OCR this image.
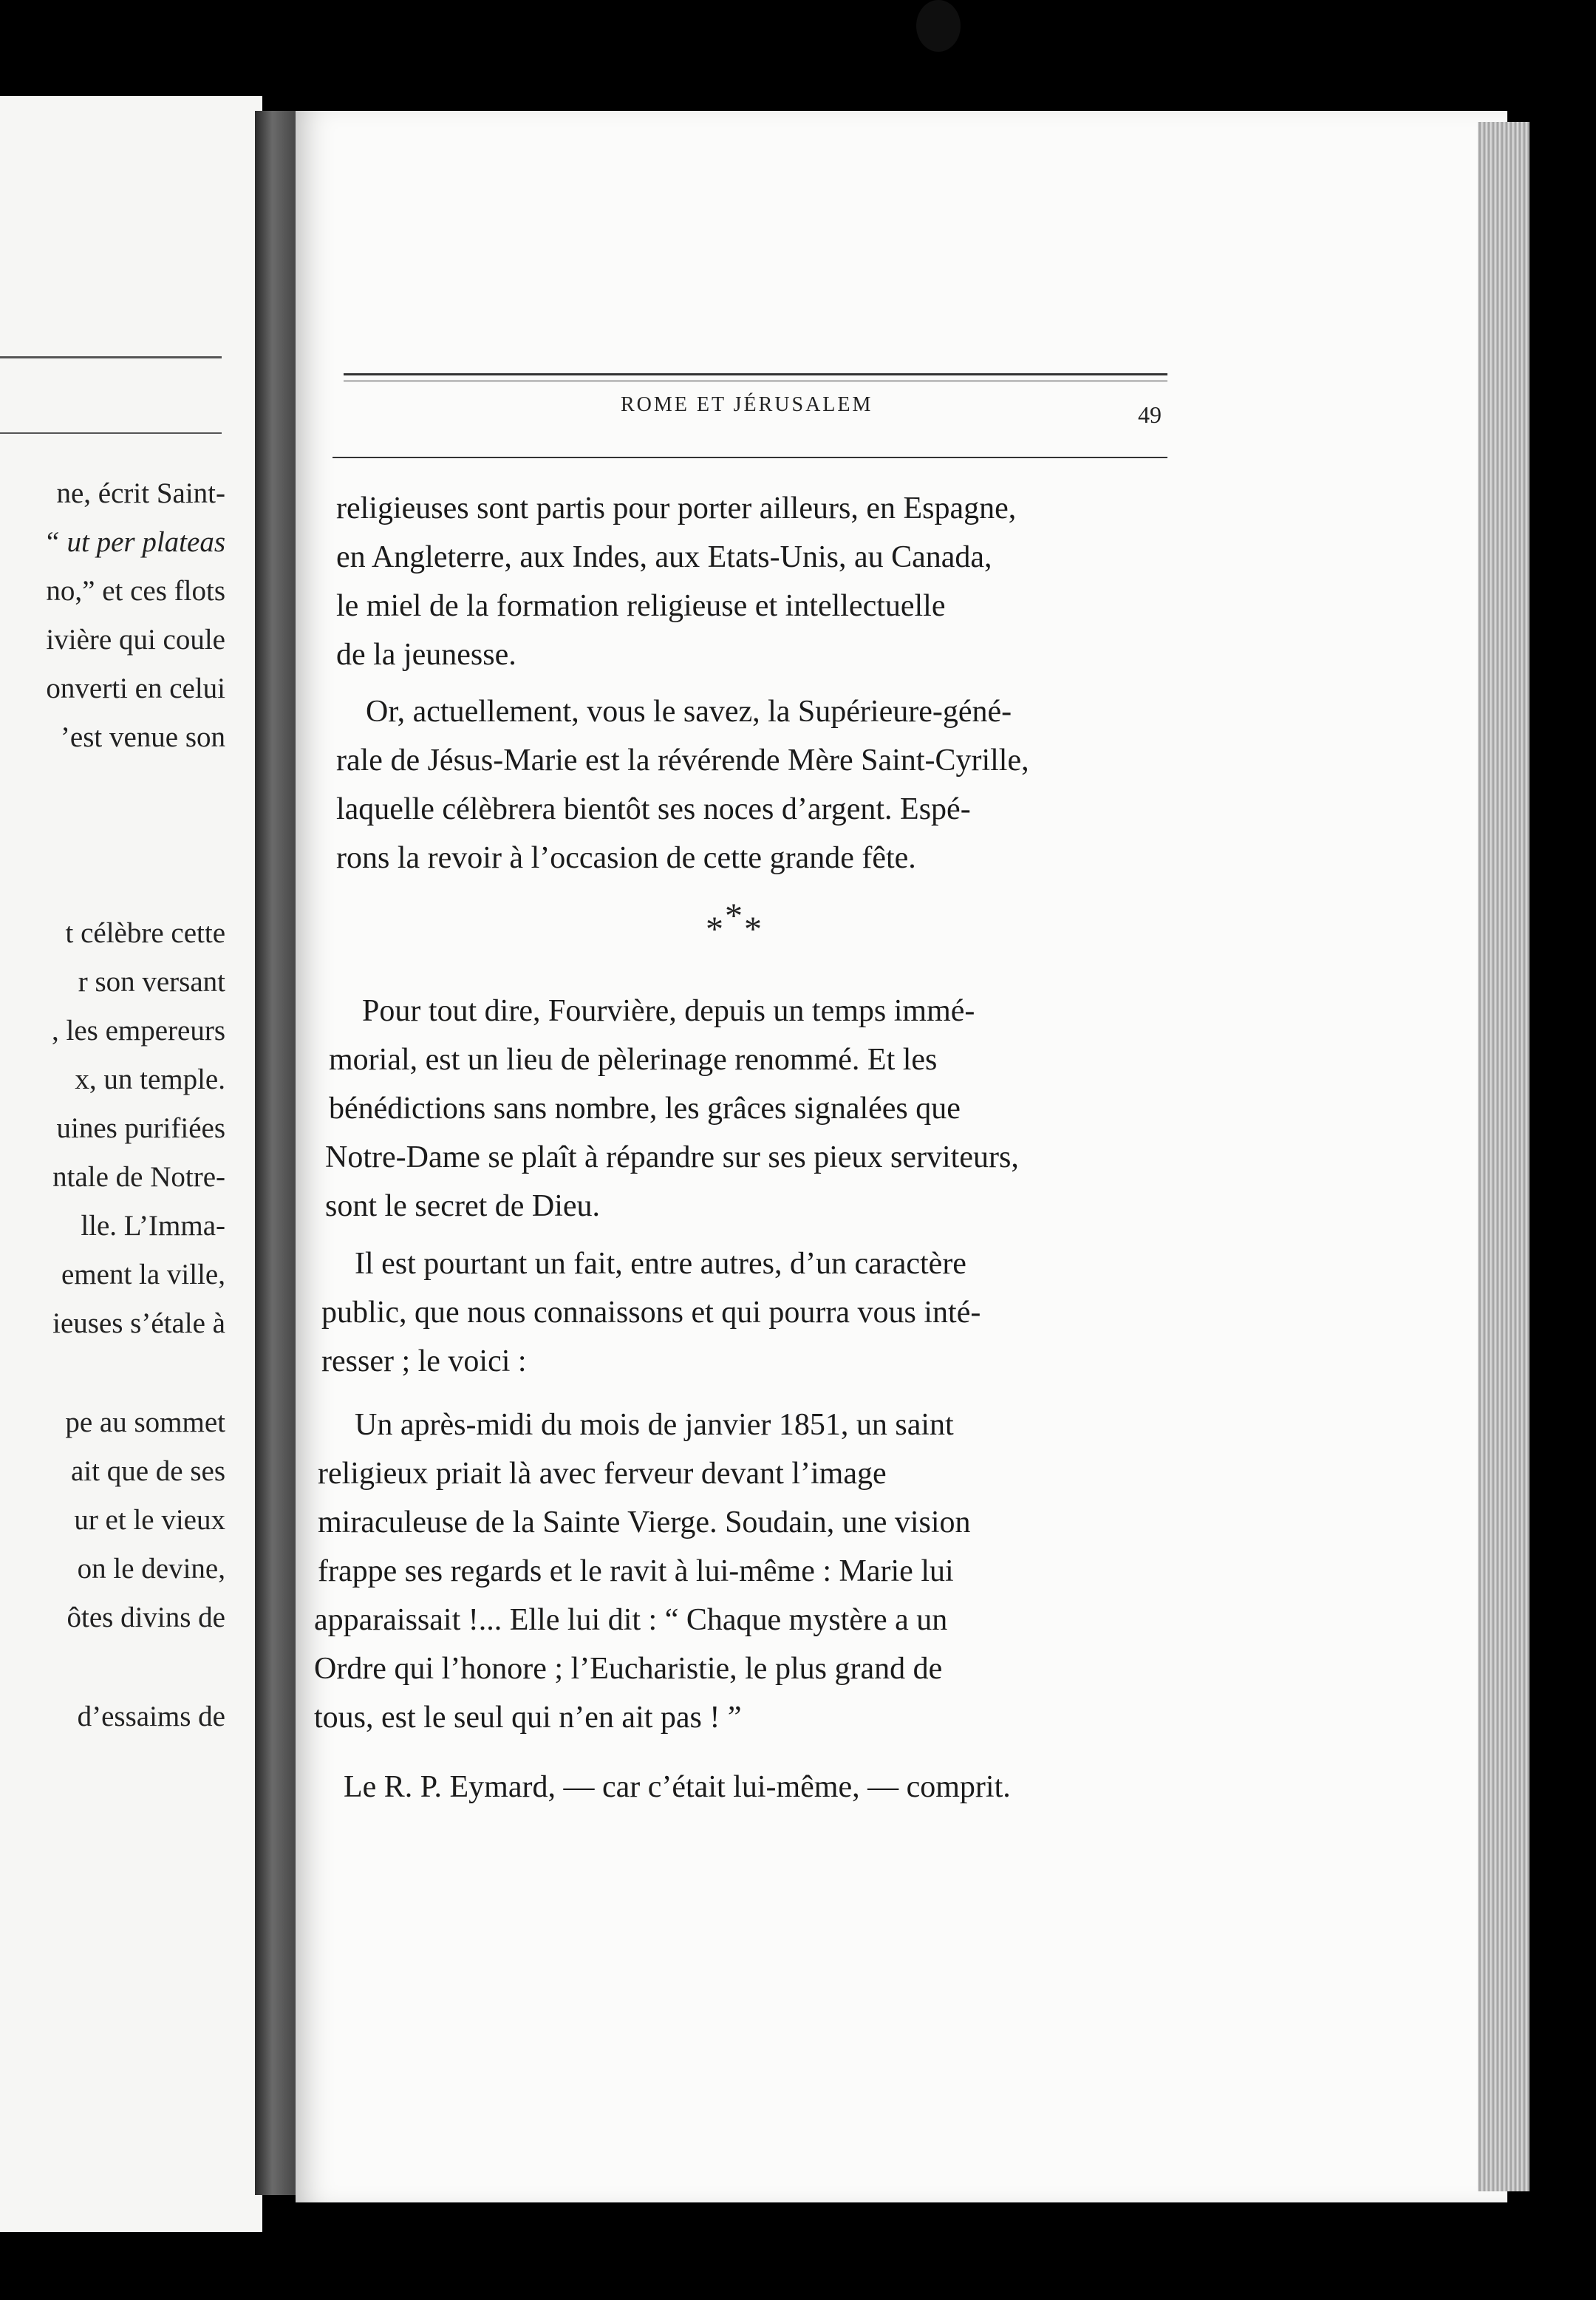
ne, écrit Saint-
“ ut per plateas
no,” et ces flots
ivière qui coule
onverti en celui
’est venue son
t célèbre cette
r son versant
, les empereurs
x, un temple.
uines purifiées
ntale de Notre-
lle. L’Imma-
ement la ville,
ieuses s’étale à
pe au sommet
ait que de ses
ur et le vieux
on le devine,
ôtes divins de
d’essaims de
ROME ET JÉRUSALEM	49
religieuses sont partis pour porter ailleurs, en Espagne,
en Angleterre, aux Indes, aux Etats-Unis, au Canada,
le miel de la formation religieuse et intellectuelle
de la jeunesse.
Or, actuellement, vous le savez, la Supérieure-géné-
rale de Jésus-Marie est la révérende Mère Saint-Cyrille,
laquelle célèbrera bientôt ses noces d’argent. Espé-
rons la revoir à l’occasion de cette grande fête.
***
Pour tout dire, Fourvière, depuis un temps immé-
morial, est un lieu de pèlerinage renommé. Et les
bénédictions sans nombre, les grâces signalées que
Notre-Dame se plaît à répandre sur ses pieux serviteurs,
sont le secret de Dieu.
Il est pourtant un fait, entre autres, d’un caractère
public, que nous connaissons et qui pourra vous inté-
resser ; le voici :
Un après-midi du mois de janvier 1851, un saint
religieux priait là avec ferveur devant l’image
miraculeuse de la Sainte Vierge. Soudain, une vision
frappe ses regards et le ravit à lui-même : Marie lui
apparaissait !... Elle lui dit : “ Chaque mystère a un
Ordre qui l’honore ; l’Eucharistie, le plus grand de
tous, est le seul qui n’en ait pas ! ”
Le R. P. Eymard, — car c’était lui-même, — comprit.
